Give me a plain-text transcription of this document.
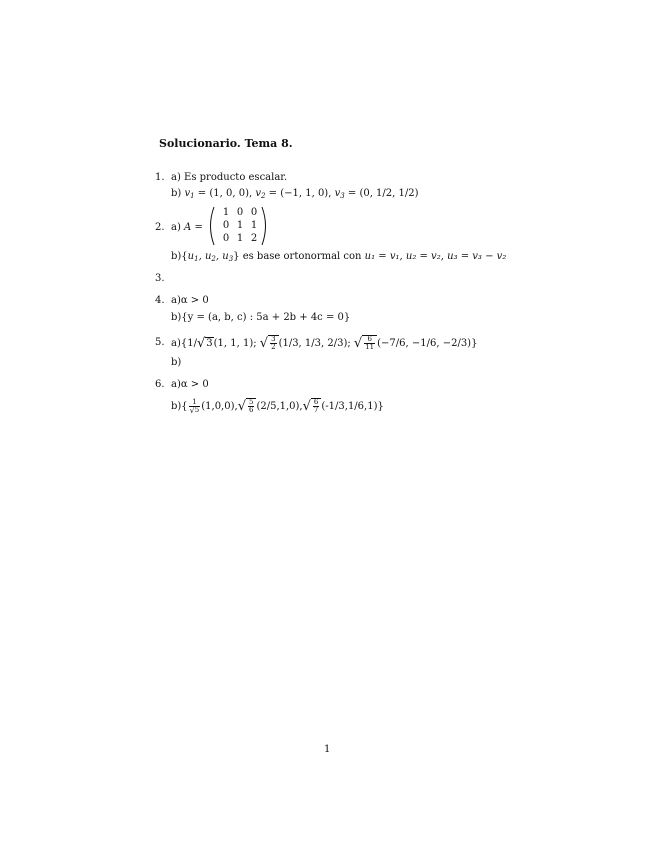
Solucionario. Tema 8.
1. a) Es producto escalar.
b) $v_1 = (1$, 0, 0), $v_2 = (-1$, 1, 0), $v_3 = (0$, 1/2, 1/2)
2. a) A =
1 0 0
0 1 1
0 1 2
$b)\{u_1$, $u_2$, $u_3$} es base ortonormal con u₁ = v₁, u₂ = v₂, u₃ = v₃ − v₂
3.
4. a)α > 0
b){y = (a, b, c) : 5a + 2b + 4c = 0}
5. a){1/√3(1, 1, 1); √ $\frac{3}{2} (1/3$, 1/3, 2/3); √ $\frac{6}{11} (-7/6$, −1/6, −2/3)}
b)
6. a)α > 0
$b)\{ \frac{1}{√5} (1,0,0),√ \frac{5}{6} (2/5,1,0),√ \frac{6}{7} (-1/3,1/6,1)\}$
1
